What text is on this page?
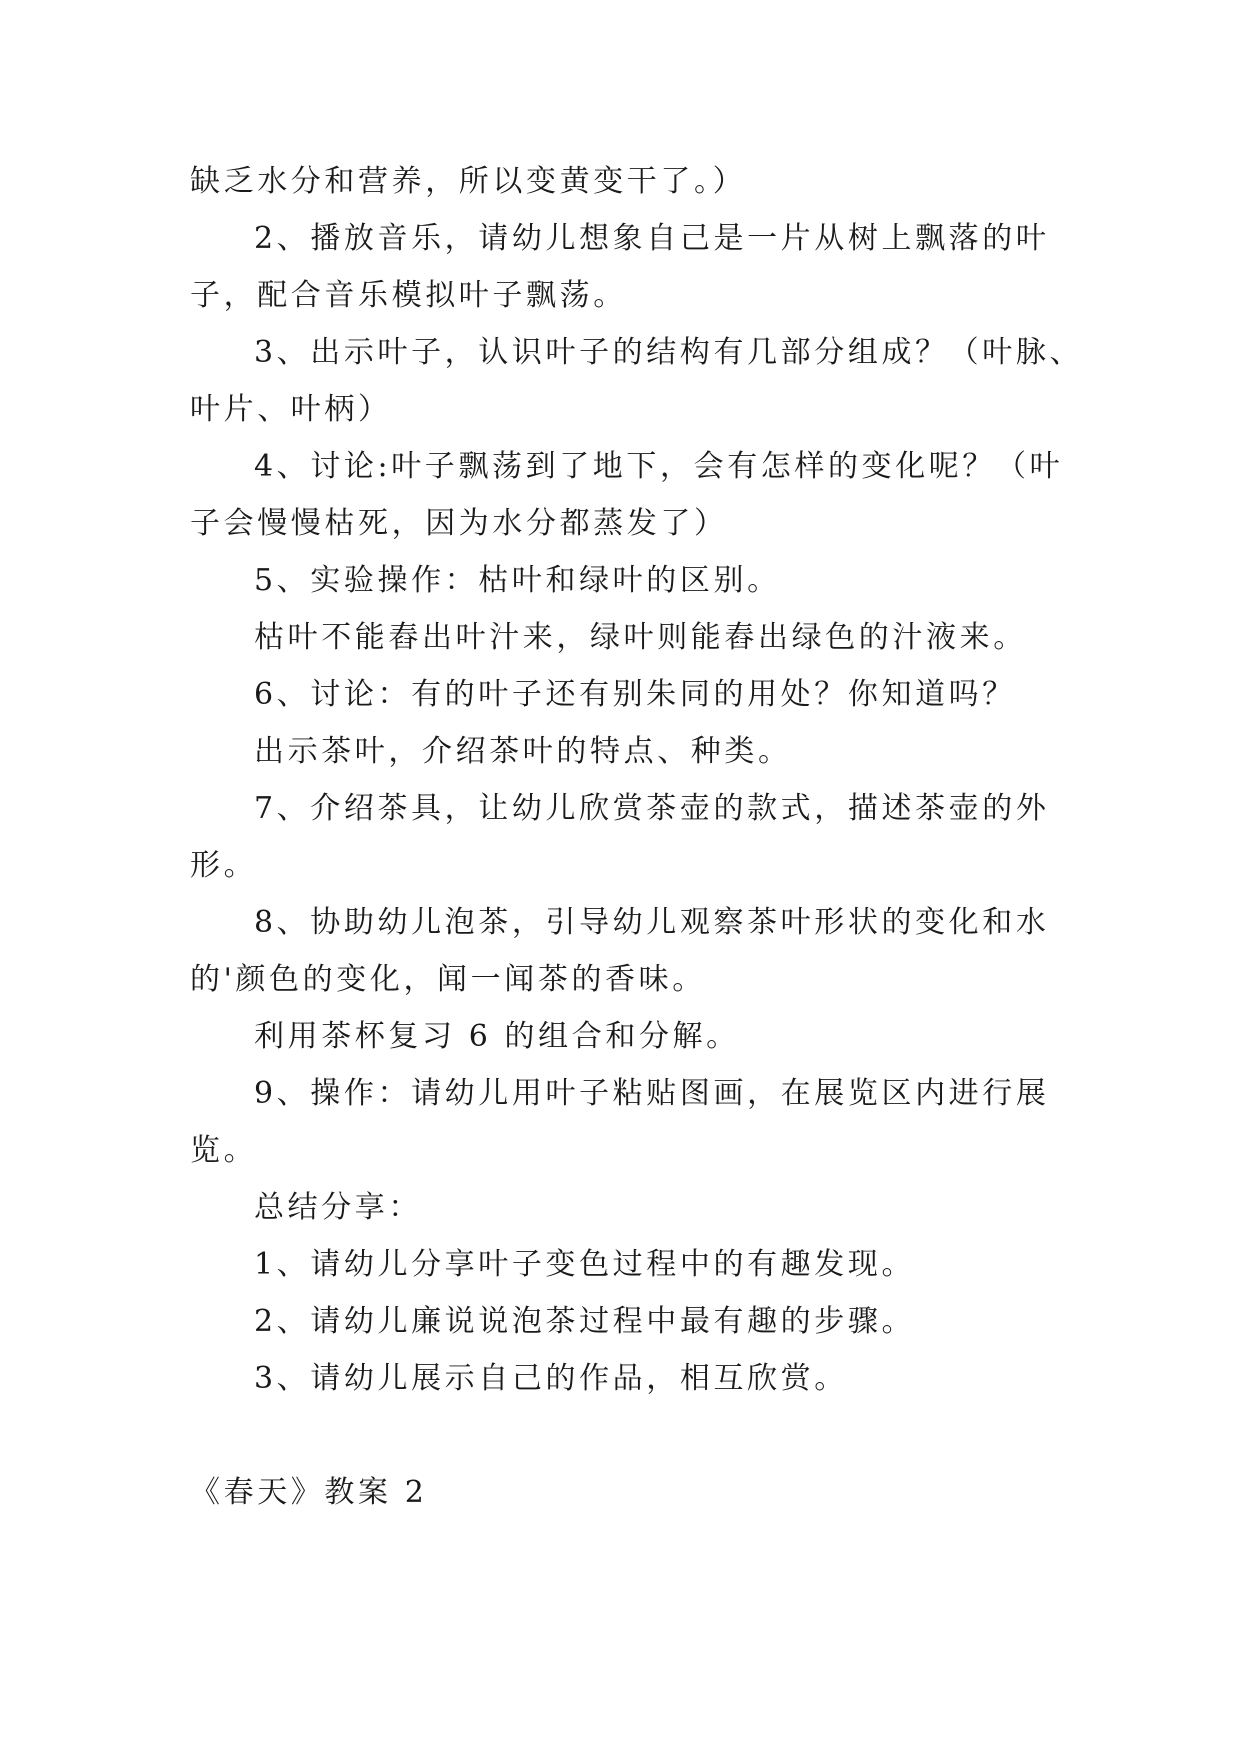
缺乏水分和营养，所以变黄变干了。）
2、播放音乐，请幼儿想象自己是一片从树上飘落的叶
子，配合音乐模拟叶子飘荡。
3、出示叶子，认识叶子的结构有几部分组成？（叶脉、
叶片、叶柄）
4、讨论:叶子飘荡到了地下，会有怎样的变化呢？（叶
子会慢慢枯死，因为水分都蒸发了）
5、实验操作：枯叶和绿叶的区别。
枯叶不能舂出叶汁来，绿叶则能舂出绿色的汁液来。
6、讨论：有的叶子还有别朱同的用处？你知道吗？
出示茶叶，介绍茶叶的特点、种类。
7、介绍茶具，让幼儿欣赏茶壶的款式，描述茶壶的外
形。
8、协助幼儿泡茶，引导幼儿观察茶叶形状的变化和水
的'颜色的变化，闻一闻茶的香味。
利用茶杯复习 6 的组合和分解。
9、操作：请幼儿用叶子粘贴图画，在展览区内进行展
览。
总结分享：
1、请幼儿分享叶子变色过程中的有趣发现。
2、请幼儿廉说说泡茶过程中最有趣的步骤。
3、请幼儿展示自己的作品，相互欣赏。
《春天》教案 2
